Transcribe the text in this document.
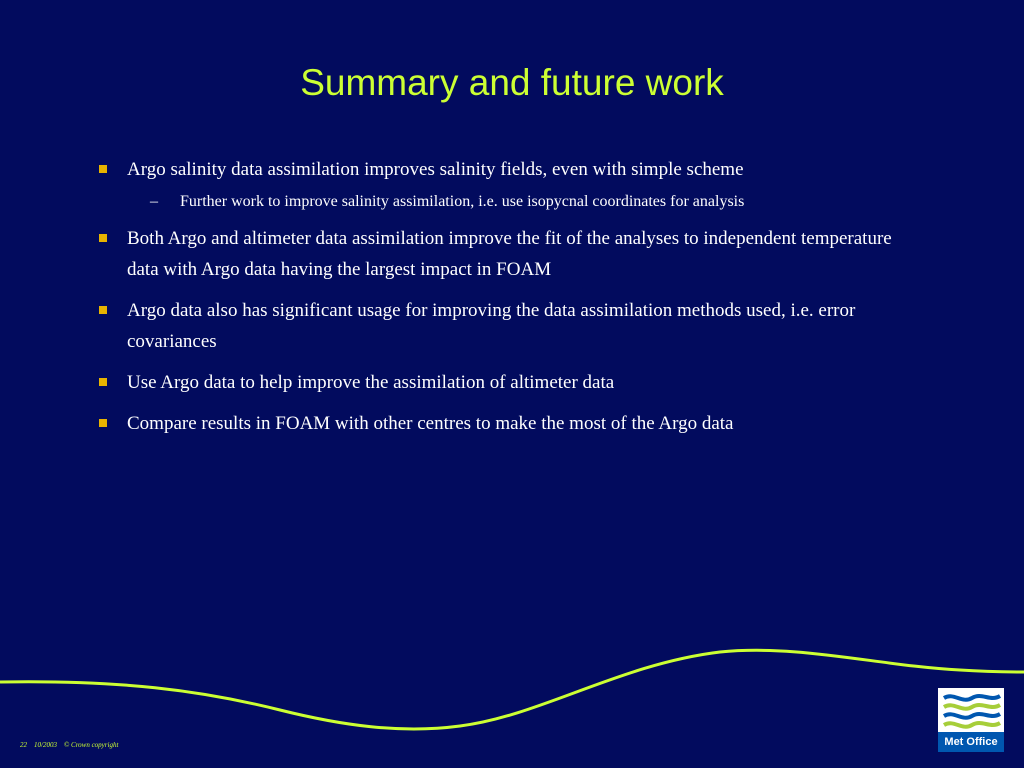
Summary and future work
Argo salinity data assimilation improves salinity fields, even with simple scheme
– Further work to improve salinity assimilation, i.e. use isopycnal coordinates for analysis
Both Argo and altimeter data assimilation improve the fit of the analyses to independent temperature data with Argo data having the largest impact in FOAM
Argo data also has significant usage for improving the data assimilation methods used, i.e. error covariances
Use Argo data to help improve the assimilation of altimeter data
Compare results in FOAM with other centres to make the most of the Argo data
22 10/2003 © Crown copyright	Met Office
